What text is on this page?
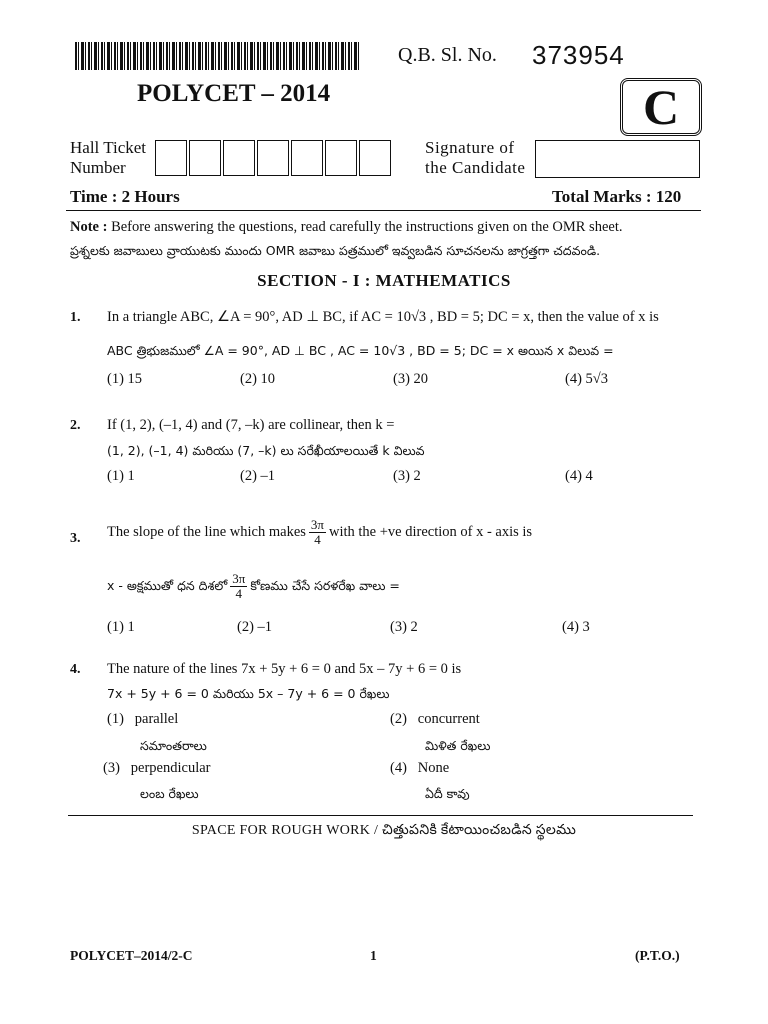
Q.B. Sl. No. 373954
POLYCET – 2014	C
Hall Ticket
Number
Signature of
the Candidate
Time : 2 Hours	Total Marks : 120
Note : Before answering the questions, read carefully the instructions given on the OMR sheet.
ప్రశ్నలకు జవాబులు వ్రాయుటకు ముందు OMR జవాబు పత్రములో ఇవ్వబడిన సూచనలను జాగ్రత్తగా చదవండి.
SECTION - I : MATHEMATICS
1. In a triangle ABC, ∠A = 90°, AD ⊥ BC, if AC = 10√3 , BD = 5; DC = x, then the value of x is
ABC త్రిభుజములో ∠A = 90°, AD ⊥ BC , AC = 10√3 , BD = 5; DC = x అయిన x విలువ =
(1) 15	(2) 10	(3) 20	(4) 5√3
2. If (1, 2), (–1, 4) and (7, –k) are collinear, then k =
(1, 2), (–1, 4) మరియు (7, –k) లు సరేఖీయాలయితే k విలువ
(1) 1	(2) –1	(3) 2	(4) 4
3. The slope of the line which makes $\frac{3\pi}{4}$ with the +ve direction of x - axis is
x - అక్షముతో ధన దిశలో $\frac{3\pi}{4}$ కోణము చేసే సరళరేఖ వాలు =
(1) 1	(2) –1	(3) 2	(4) 3
4. The nature of the lines 7x + 5y + 6 = 0 and 5x – 7y + 6 = 0 is
7x + 5y + 6 = 0 మరియు 5x – 7y + 6 = 0 రేఖలు
(1) parallel
సమాంతరాలు
(2) concurrent
మిళిత రేఖలు
(3) perpendicular
లంబ రేఖలు
(4) None
ఏదీ కావు
SPACE FOR ROUGH WORK / చిత్తుపనికి కేటాయించబడిన స్థలము
POLYCET–2014/2-C	1	(P.T.O.)
